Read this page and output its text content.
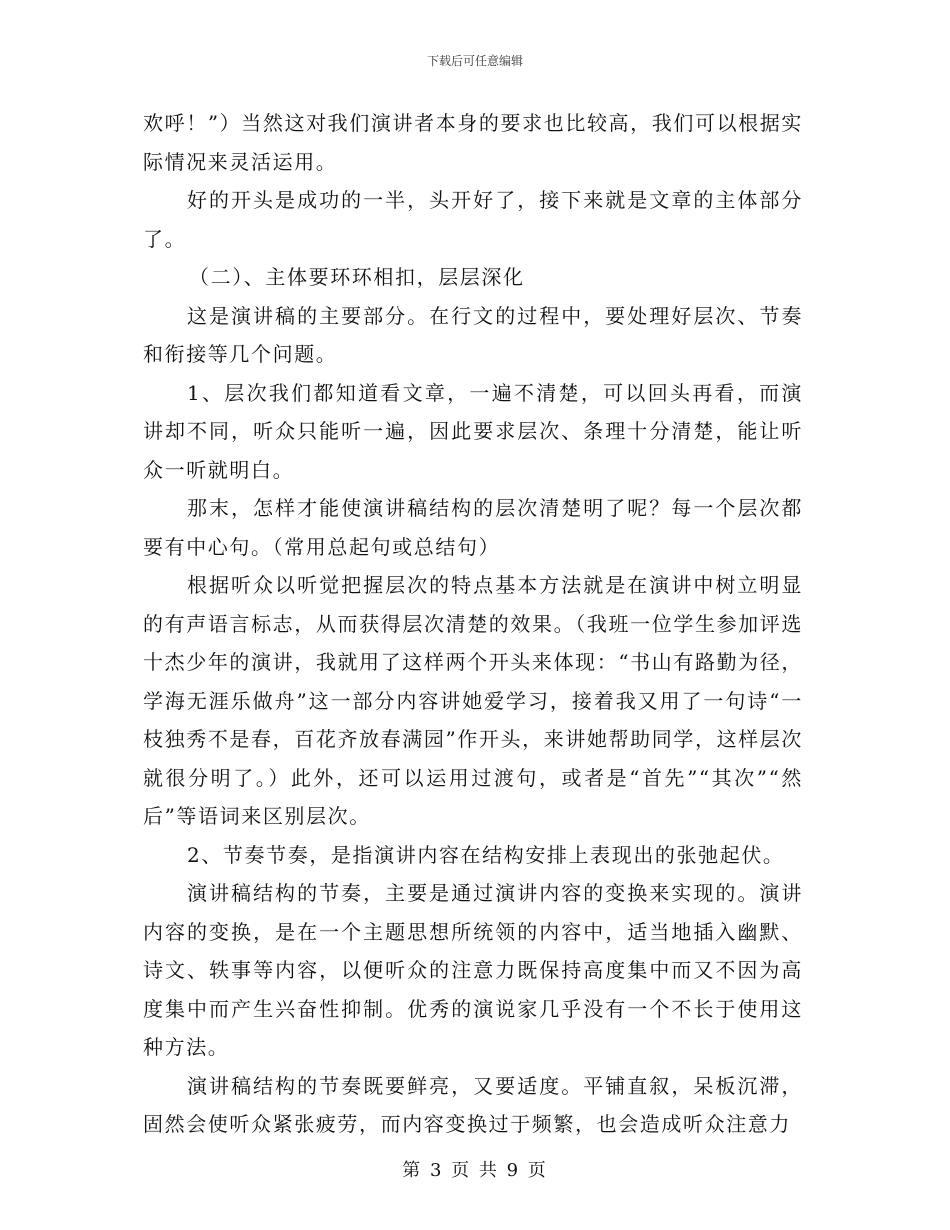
下载后可任意编辑

欢呼！”）当然这对我们演讲者本身的要求也比较高，我们可以根据实际情况来灵活运用。

好的开头是成功的一半，头开好了，接下来就是文章的主体部分了。

（二）、主体要环环相扣，层层深化

这是演讲稿的主要部分。在行文的过程中，要处理好层次、节奏和衔接等几个问题。

1、层次我们都知道看文章，一遍不清楚，可以回头再看，而演讲却不同，听众只能听一遍，因此要求层次、条理十分清楚，能让听众一听就明白。

那末，怎样才能使演讲稿结构的层次清楚明了呢？每一个层次都要有中心句。（常用总起句或总结句）

根据听众以听觉把握层次的特点基本方法就是在演讲中树立明显的有声语言标志，从而获得层次清楚的效果。（我班一位学生参加评选十杰少年的演讲，我就用了这样两个开头来体现：“书山有路勤为径，学海无涯乐做舟”这一部分内容讲她爱学习，接着我又用了一句诗“一枝独秀不是春，百花齐放春满园”作开头，来讲她帮助同学，这样层次就很分明了。）此外，还可以运用过渡句，或者是“首先”“其次”“然后”等语词来区别层次。

2、节奏节奏，是指演讲内容在结构安排上表现出的张弛起伏。

演讲稿结构的节奏，主要是通过演讲内容的变换来实现的。演讲内容的变换，是在一个主题思想所统领的内容中，适当地插入幽默、诗文、轶事等内容，以便听众的注意力既保持高度集中而又不因为高度集中而产生兴奋性抑制。优秀的演说家几乎没有一个不长于使用这种方法。

演讲稿结构的节奏既要鲜亮，又要适度。平铺直叙，呆板沉滞，固然会使听众紧张疲劳，而内容变换过于频繁，也会造成听众注意力

第 3 页 共 9 页
